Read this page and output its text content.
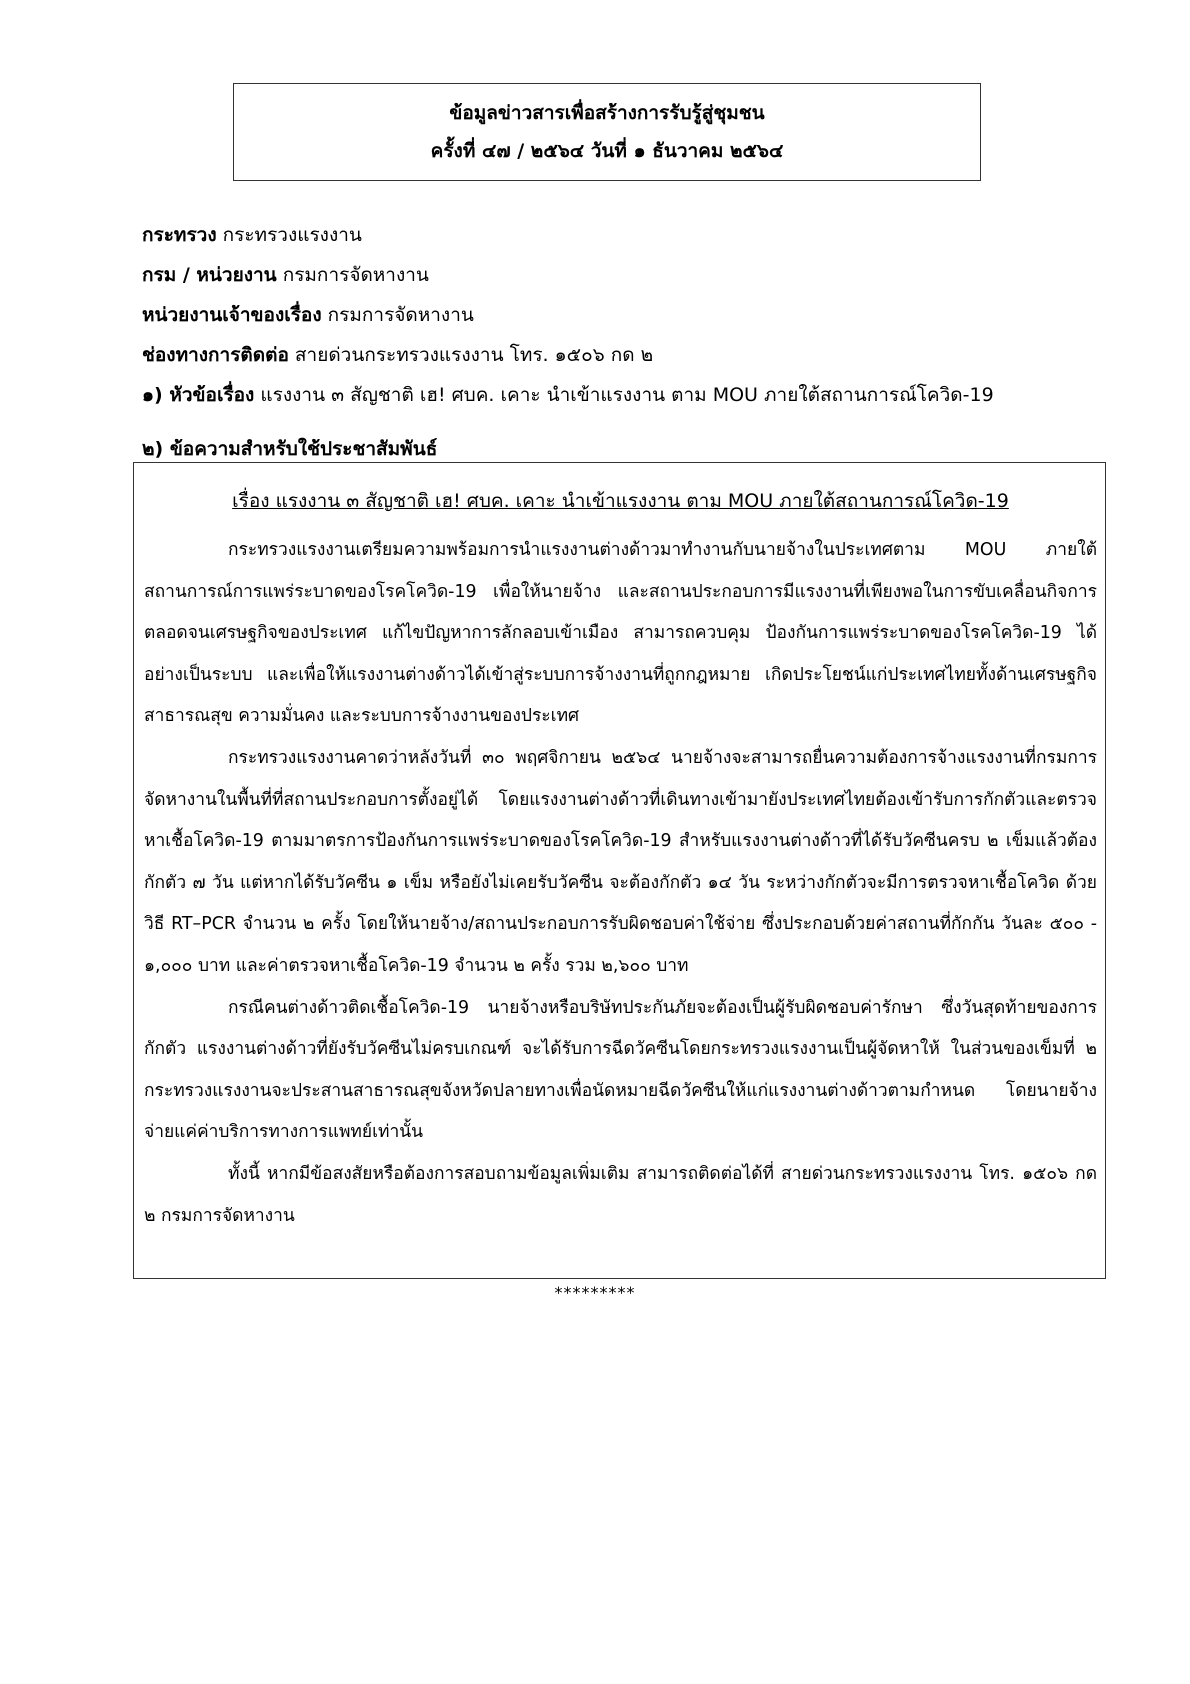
ข้อมูลข่าวสารเพื่อสร้างการรับรู้สู่ชุมชน
ครั้งที่ ๔๗ / ๒๕๖๔ วันที่ ๑ ธันวาคม ๒๕๖๔
กระทรวง กระทรวงแรงงาน
กรม / หน่วยงาน กรมการจัดหางาน
หน่วยงานเจ้าของเรื่อง กรมการจัดหางาน
ช่องทางการติดต่อ สายด่วนกระทรวงแรงงาน โทร. ๑๕๐๖ กด ๒
๑) หัวข้อเรื่อง แรงงาน ๓ สัญชาติ เฮ! ศบค. เคาะ นำเข้าแรงงาน ตาม MOU ภายใต้สถานการณ์โควิด-19
๒) ข้อความสำหรับใช้ประชาสัมพันธ์
เรื่อง แรงงาน ๓ สัญชาติ เฮ! ศบค. เคาะ นำเข้าแรงงาน ตาม MOU ภายใต้สถานการณ์โควิด-19

กระทรวงแรงงานเตรียมความพร้อมการนำแรงงานต่างด้าวมาทำงานกับนายจ้างในประเทศตาม MOU ภายใต้สถานการณ์การแพร่ระบาดของโรคโควิด-19 เพื่อให้นายจ้าง และสถานประกอบการมีแรงงานที่เพียงพอในการขับเคลื่อนกิจการตลอดจนเศรษฐกิจของประเทศ แก้ไขปัญหาการลักลอบเข้าเมือง สามารถควบคุม ป้องกันการแพร่ระบาดของโรคโควิด-19 ได้อย่างเป็นระบบ และเพื่อให้แรงงานต่างด้าวได้เข้าสู่ระบบการจ้างงานที่ถูกกฎหมาย เกิดประโยชน์แก่ประเทศไทยทั้งด้านเศรษฐกิจสาธารณสุข ความมั่นคง และระบบการจ้างงานของประเทศ

กระทรวงแรงงานคาดว่าหลังวันที่ ๓๐ พฤศจิกายน ๒๕๖๔ นายจ้างจะสามารถยื่นความต้องการจ้างแรงงานที่กรมการจัดหางานในพื้นที่ที่สถานประกอบการตั้งอยู่ได้ โดยแรงงานต่างด้าวที่เดินทางเข้ามายังประเทศไทยต้องเข้ารับการกักตัวและตรวจหาเชื้อโควิด-19 ตามมาตรการป้องกันการแพร่ระบาดของโรคโควิด-19 สำหรับแรงงานต่างด้าวที่ได้รับวัคซีนครบ ๒ เข็มแล้วต้องกักตัว ๗ วัน แต่หากได้รับวัคซีน ๑ เข็ม หรือยังไม่เคยรับวัคซีน จะต้องกักตัว ๑๔ วัน ระหว่างกักตัวจะมีการตรวจหาเชื้อโควิด ด้วยวิธี RT–PCR จำนวน ๒ ครั้ง โดยให้นายจ้าง/สถานประกอบการรับผิดชอบค่าใช้จ่าย ซึ่งประกอบด้วยค่าสถานที่กักกัน วันละ ๕๐๐ - ๑,๐๐๐ บาท และค่าตรวจหาเชื้อโควิด-19 จำนวน ๒ ครั้ง รวม ๒,๖๐๐ บาท

กรณีคนต่างด้าวติดเชื้อโควิด-19 นายจ้างหรือบริษัทประกันภัยจะต้องเป็นผู้รับผิดชอบค่ารักษา ซึ่งวันสุดท้ายของการกักตัว แรงงานต่างด้าวที่ยังรับวัคซีนไม่ครบเกณฑ์ จะได้รับการฉีดวัคซีนโดยกระทรวงแรงงานเป็นผู้จัดหาให้ ในส่วนของเข็มที่ ๒ กระทรวงแรงงานจะประสานสาธารณสุขจังหวัดปลายทางเพื่อนัดหมายฉีดวัคซีนให้แก่แรงงานต่างด้าวตามกำหนด โดยนายจ้างจ่ายแค่ค่าบริการทางการแพทย์เท่านั้น

ทั้งนี้ หากมีข้อสงสัยหรือต้องการสอบถามข้อมูลเพิ่มเติม สามารถติดต่อได้ที่ สายด่วนกระทรวงแรงงาน โทร. ๑๕๐๖ กด ๒ กรมการจัดหางาน

*********
